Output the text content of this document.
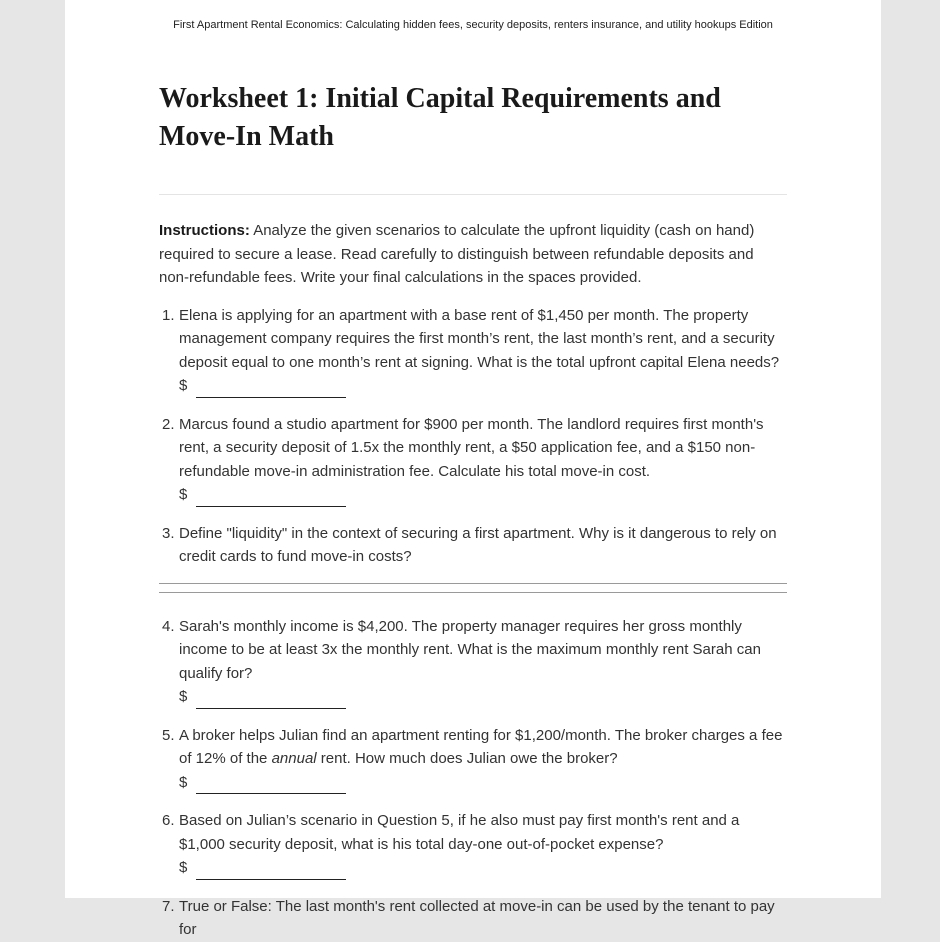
First Apartment Rental Economics: Calculating hidden fees, security deposits, renters insurance, and utility hookups Edition
Worksheet 1: Initial Capital Requirements and Move-In Math

Instructions: Analyze the given scenarios to calculate the upfront liquidity (cash on hand) required to secure a lease. Read carefully to distinguish between refundable deposits and non-refundable fees. Write your final calculations in the spaces provided.

1. Elena is applying for an apartment with a base rent of $1,450 per month. The property management company requires the first month’s rent, the last month’s rent, and a security deposit equal to one month’s rent at signing. What is the total upfront capital Elena needs?
$
2. Marcus found a studio apartment for $900 per month. The landlord requires first month's rent, a security deposit of 1.5x the monthly rent, a $50 application fee, and a $150 non-refundable move-in administration fee. Calculate his total move-in cost.
$
3. Define "liquidity" in the context of securing a first apartment. Why is it dangerous to rely on credit cards to fund move-in costs?
4. Sarah's monthly income is $4,200. The property manager requires her gross monthly income to be at least 3x the monthly rent. What is the maximum monthly rent Sarah can qualify for?
$
5. A broker helps Julian find an apartment renting for $1,200/month. The broker charges a fee of 12% of the annual rent. How much does Julian owe the broker?
$
6. Based on Julian’s scenario in Question 5, if he also must pay first month's rent and a $1,000 security deposit, what is his total day-one out-of-pocket expense?
$
7. True or False: The last month's rent collected at move-in can be used by the tenant to pay for
